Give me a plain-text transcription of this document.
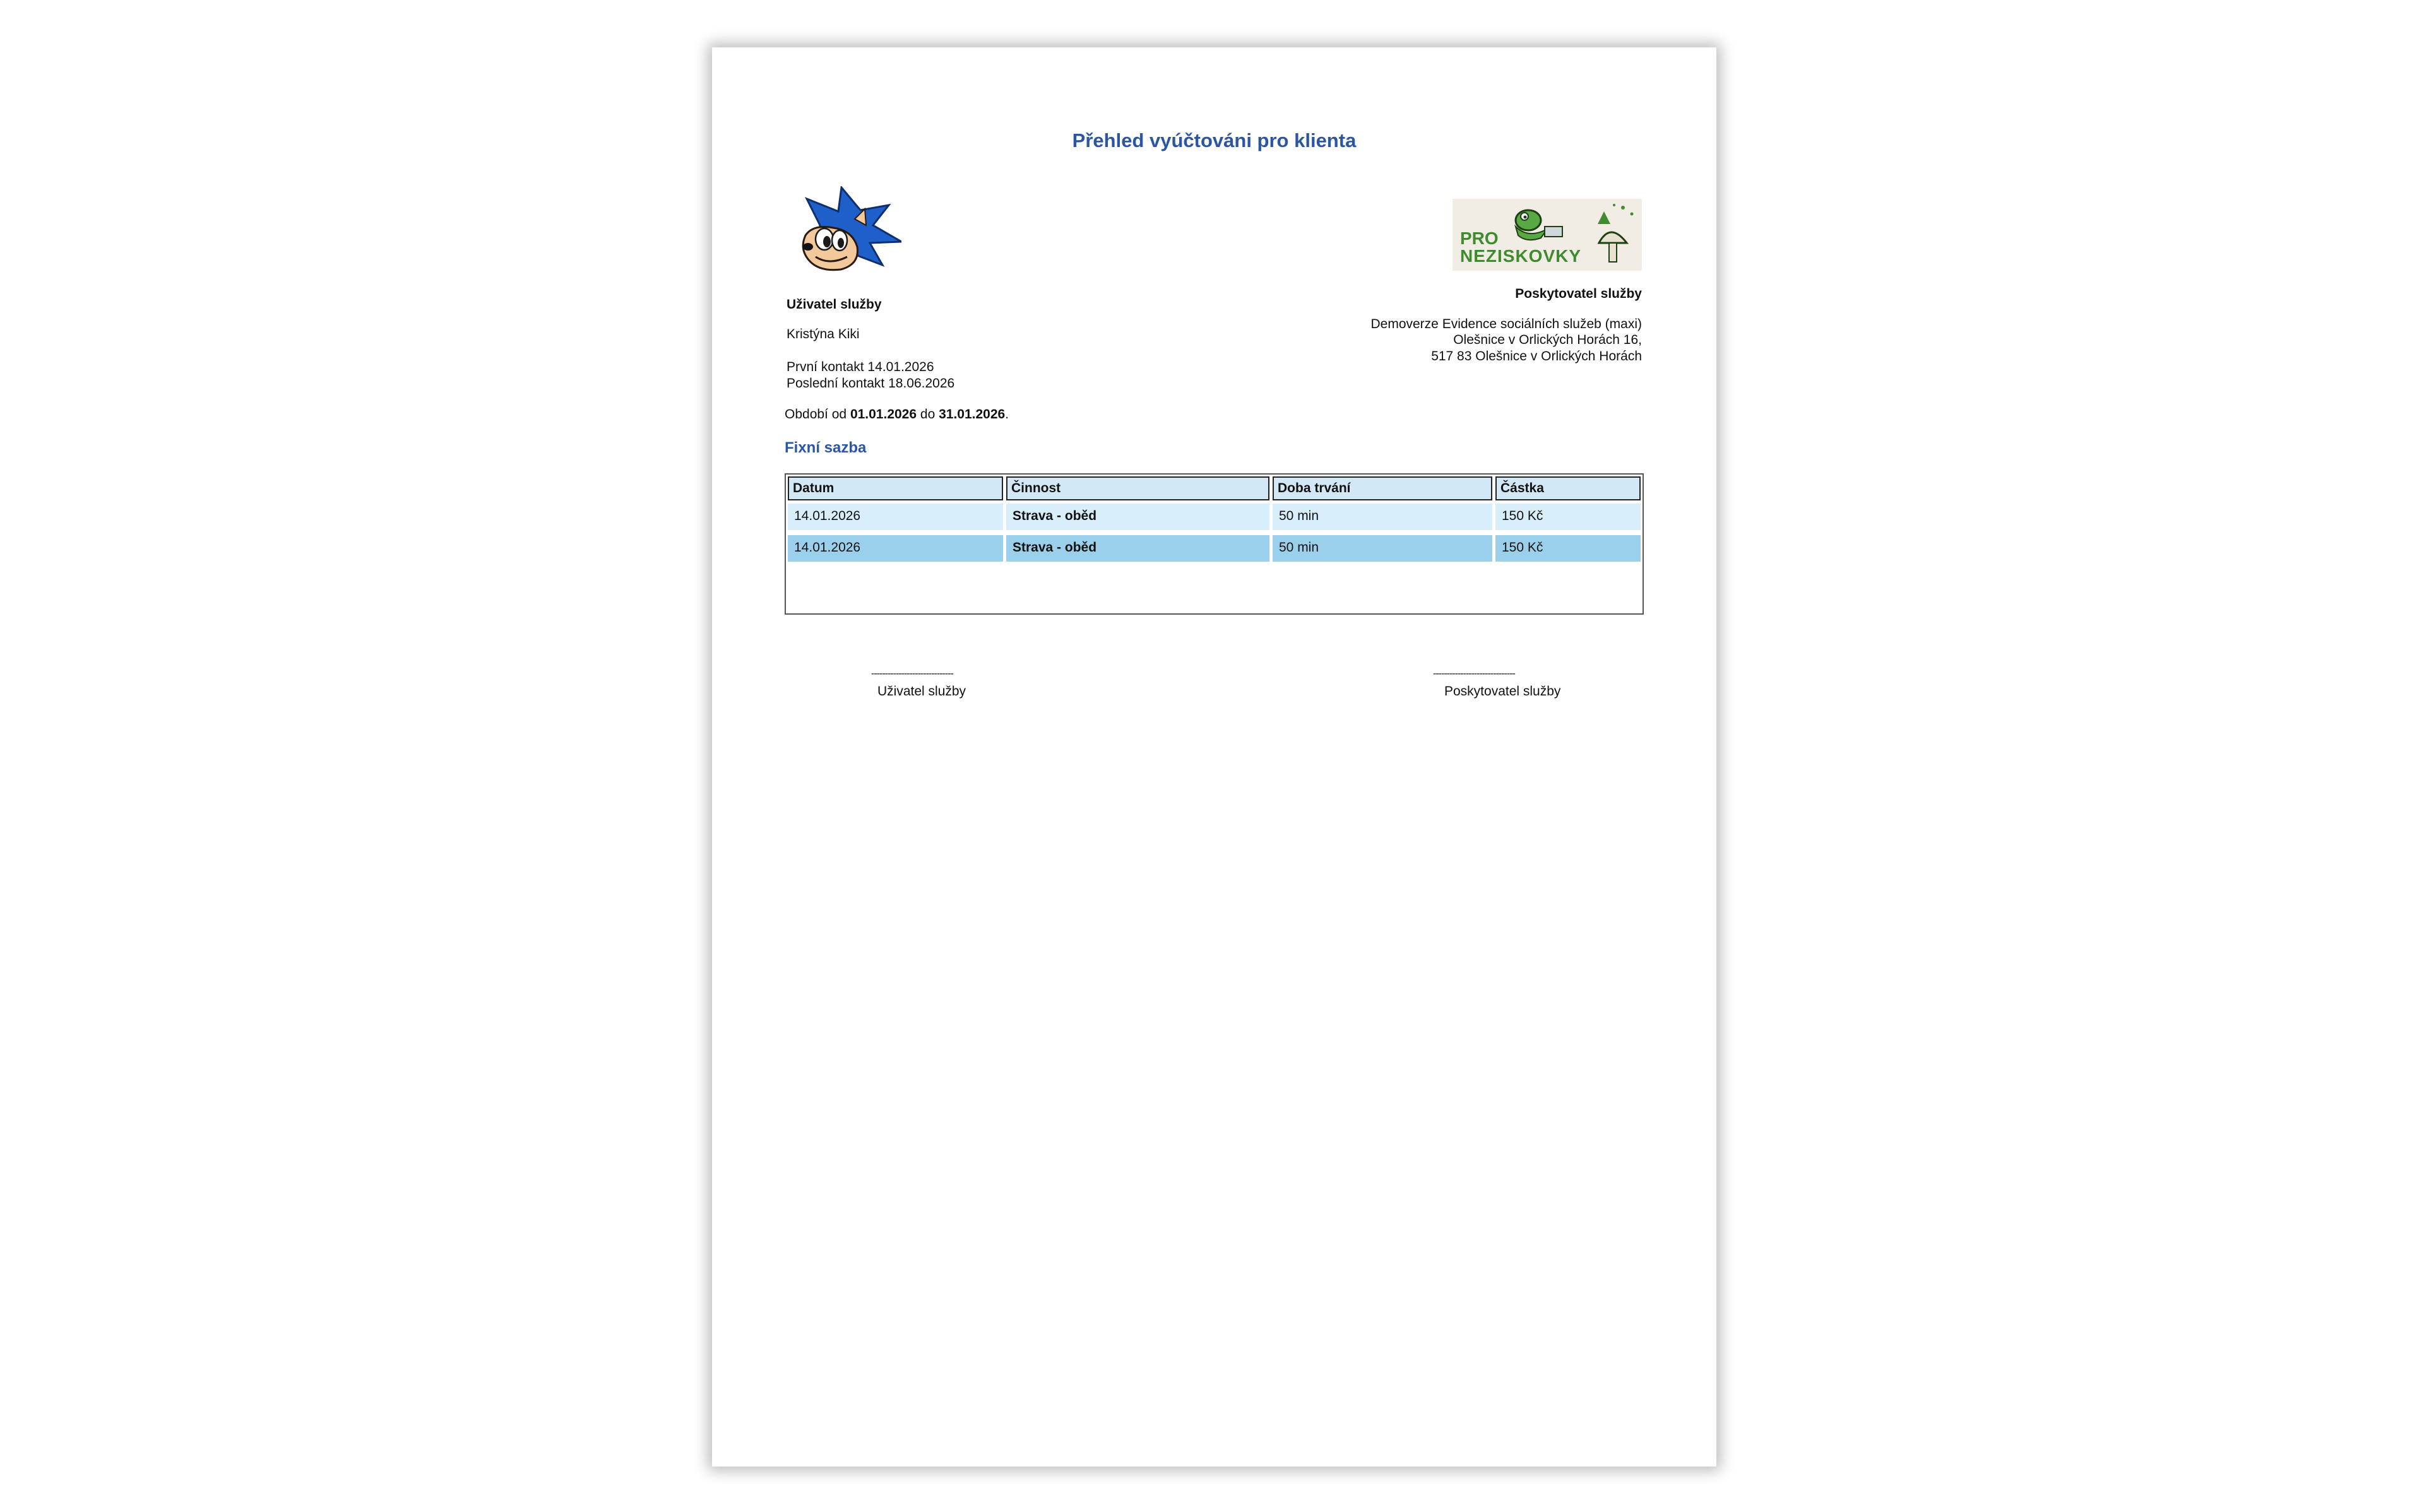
Přehled vyúčtováni pro klienta
PRO
NEZISKOVKY
Uživatel služby
Kristýna Kiki
První kontakt 14.01.2026
Poslední kontakt 18.06.2026
Poskytovatel služby
Demoverze Evidence sociálních služeb (maxi)
Olešnice v Orlických Horách 16,
517 83 Olešnice v Orlických Horách
Období od 01.01.2026 do 31.01.2026.
Fixní sazba
Datum	Činnost	Doba trvání	Částka
14.01.2026	Strava - oběd	50 min	150 Kč
14.01.2026	Strava - oběd	50 min	150 Kč
------------------------------
Uživatel služby
------------------------------
Poskytovatel služby
